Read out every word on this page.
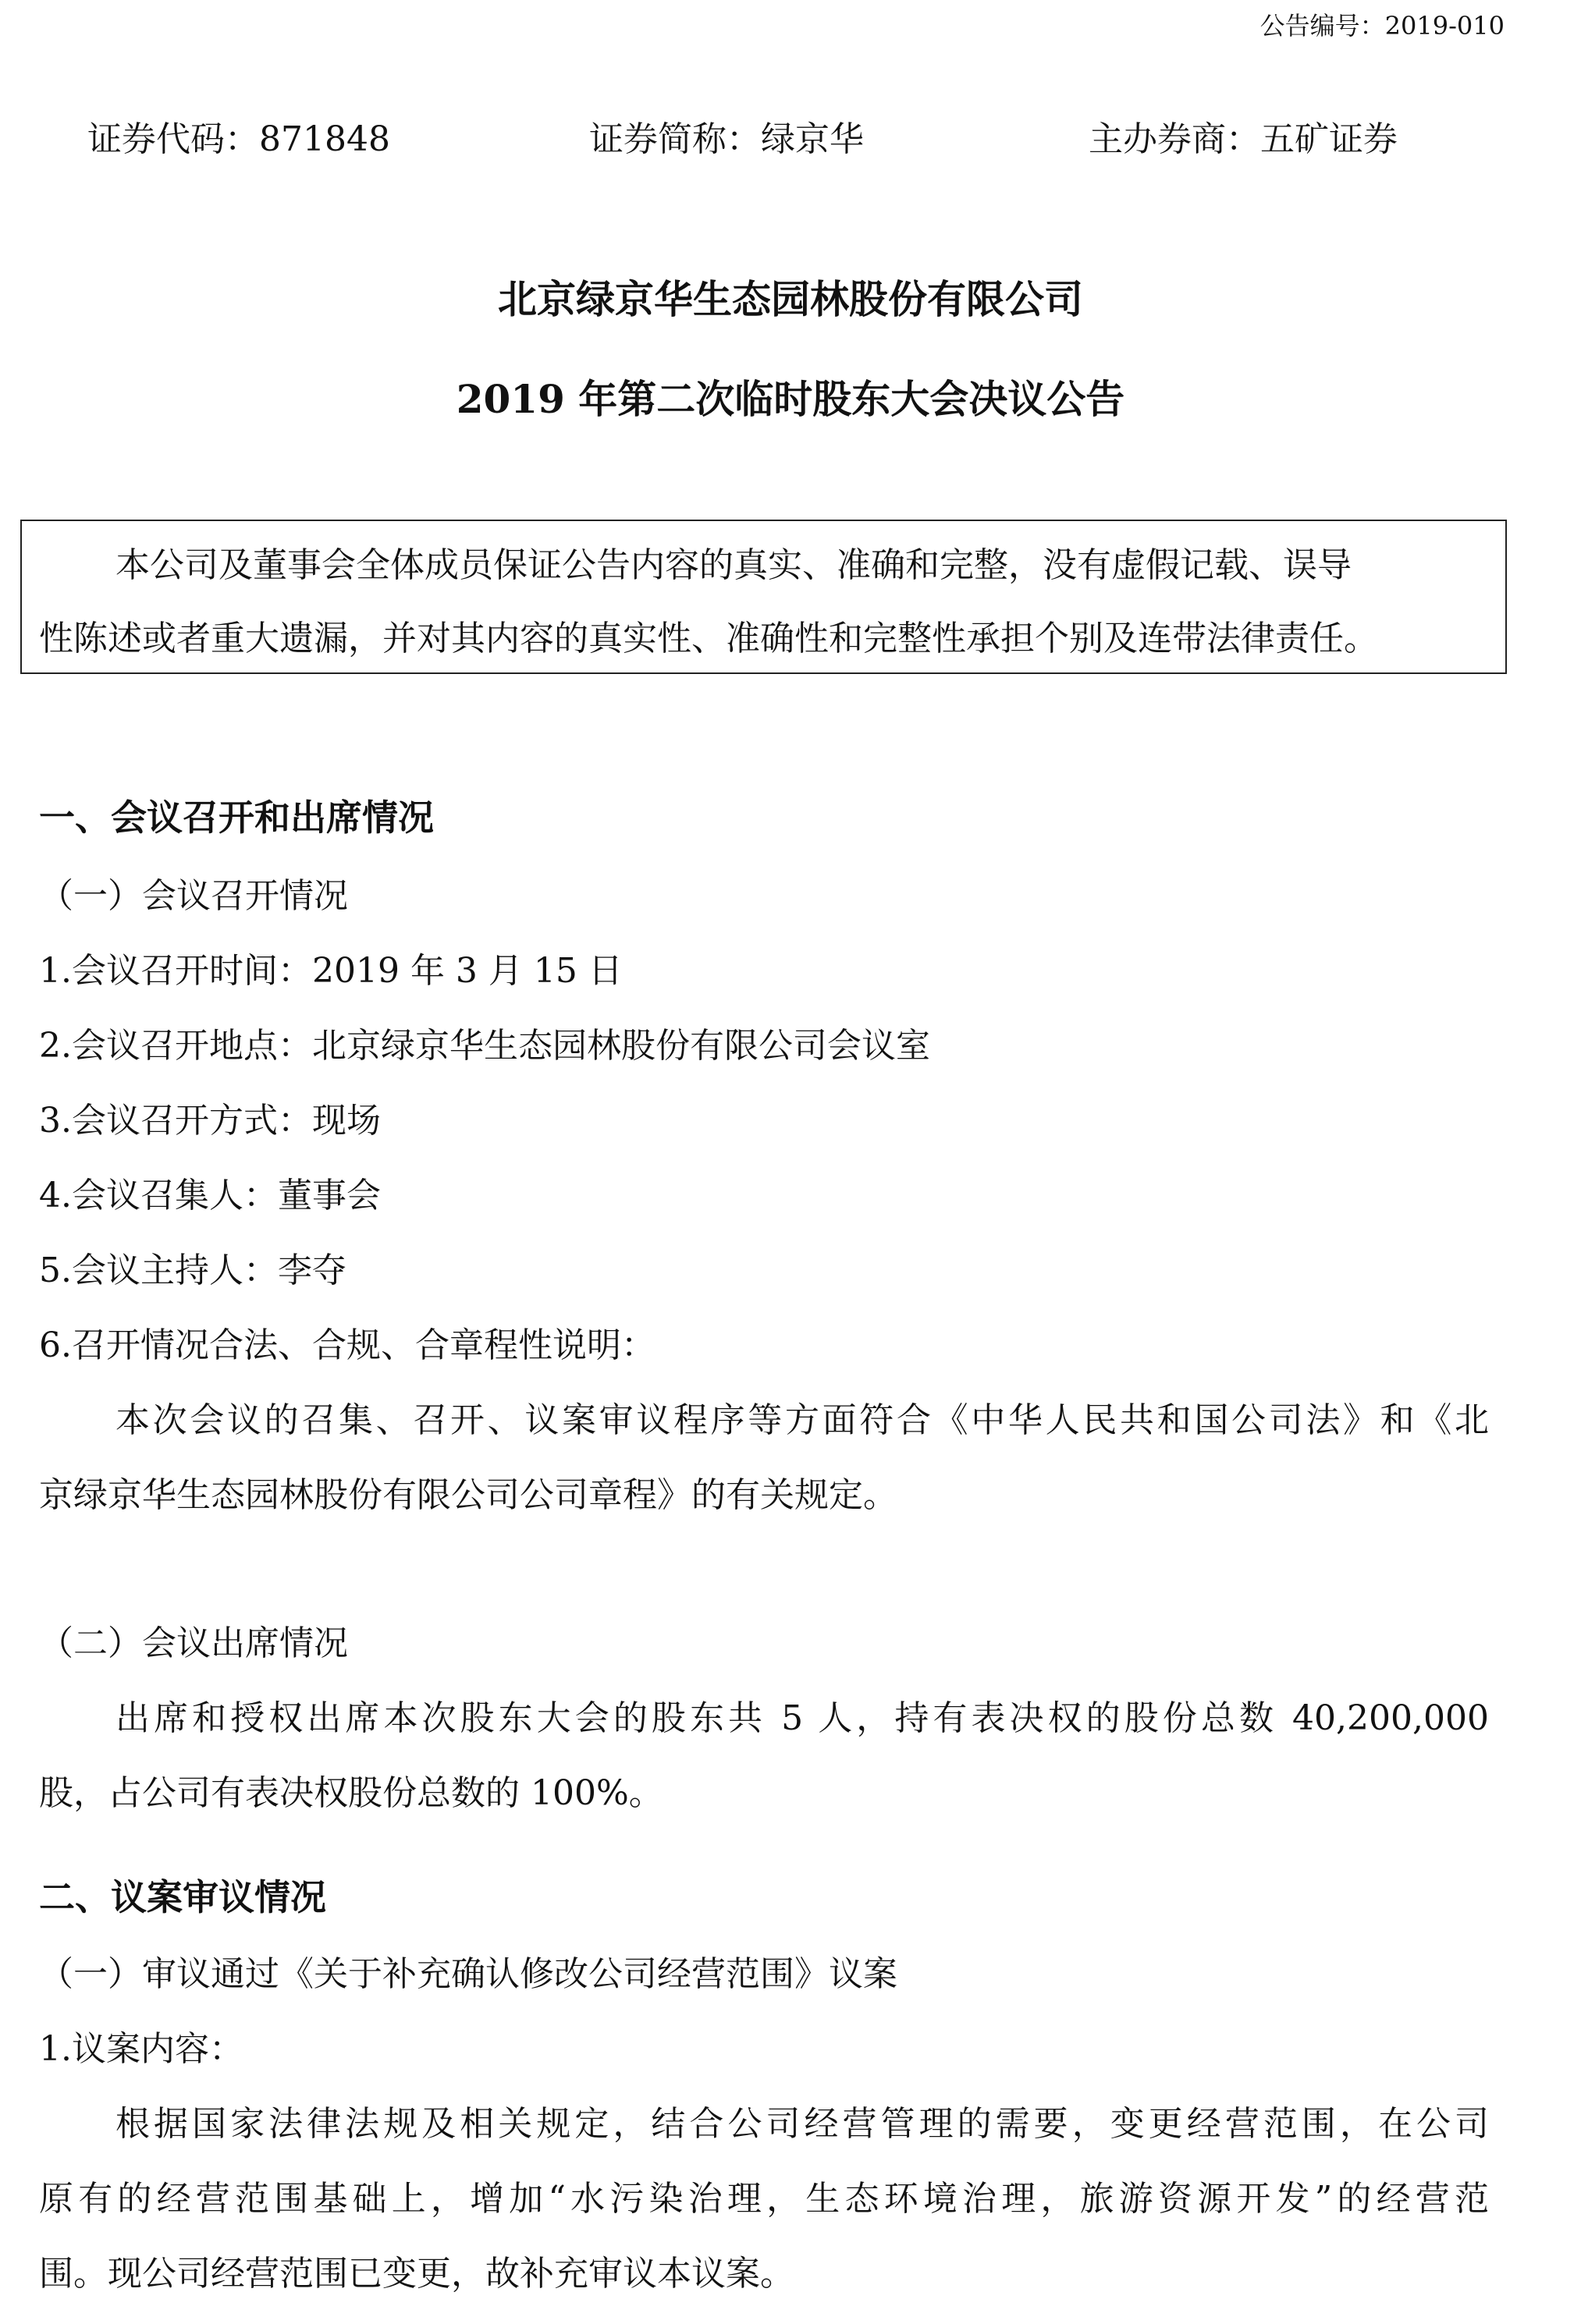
公告编号：2019-010
证券代码：871848	证券简称：绿京华	主办券商：五矿证券
北京绿京华生态园林股份有限公司
2019 年第二次临时股东大会决议公告

本公司及董事会全体成员保证公告内容的真实、准确和完整，没有虚假记载、误导

性陈述或者重大遗漏，并对其内容的真实性、准确性和完整性承担个别及连带法律责任。

一、会议召开和出席情况
（一）会议召开情况
1.会议召开时间：2019 年 3 月 15 日
2.会议召开地点：北京绿京华生态园林股份有限公司会议室
3.会议召开方式：现场
4.会议召集人：董事会
5.会议主持人：李夺
6.召开情况合法、合规、合章程性说明：
本次会议的召集、召开、议案审议程序等方面符合《中华人民共和国公司法》和《北
京绿京华生态园林股份有限公司公司章程》的有关规定。
（二）会议出席情况
出席和授权出席本次股东大会的股东共 5 人，持有表决权的股份总数 40,200,000
股，占公司有表决权股份总数的 100%。
二、议案审议情况
（一）审议通过《关于补充确认修改公司经营范围》议案
1.议案内容：
根据国家法律法规及相关规定，结合公司经营管理的需要，变更经营范围，在公司
原有的经营范围基础上，增加“水污染治理，生态环境治理，旅游资源开发”的经营范
围。现公司经营范围已变更，故补充审议本议案。
